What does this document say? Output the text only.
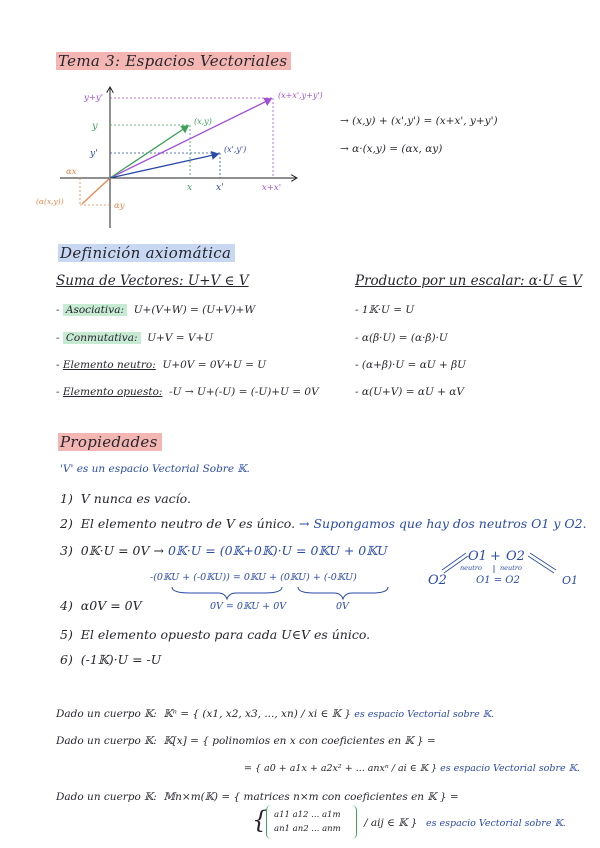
Tema 3: Espacios Vectoriales
y+y'
y
y'
αx
x	x'	x+x'
(x+x',y+y')
(x,y)
(x',y')
(α(x,y))	αy
→ (x,y) + (x',y') = (x+x', y+y')
→ α·(x,y) = (αx, αy)
Definición axiomática
Suma de Vectores: U+V ∈ V	Producto por un escalar: α·U ∈ V
- Asociativa: U+(V+W) = (U+V)+W
- Conmutativa: U+V = V+U
- Elemento neutro: U+0V = 0V+U = U
- Elemento opuesto: -U → U+(-U) = (-U)+U = 0V
- 1𝕂·U = U
- α(β·U) = (α·β)·U
- (α+β)·U = αU + βU
- α(U+V) = αU + αV
Propiedades
'V' es un espacio Vectorial Sobre 𝕂.
1) V nunca es vacío.
2) El elemento neutro de V es único. → Supongamos que hay dos neutros O1 y O2.
3) 0𝕂·U = 0V → 0𝕂·U = (0𝕂+0𝕂)·U = 0𝕂U + 0𝕂U
-(0𝕂U + (-0𝕂U)) = 0𝕂U + (0𝕂U) + (-0𝕂U)
0V = 0𝕂U + 0V	0V
O1 + O2
neutro	neutro
O1 = O2
O2	O1
4) α0V = 0V
5) El elemento opuesto para cada U∈V es único.
6) (-1𝕂)·U = -U
Dado un cuerpo 𝕂: 𝕂ⁿ = { (x1, x2, x3, ..., xn) / xi ∈ 𝕂 } es espacio Vectorial sobre 𝕂.
Dado un cuerpo 𝕂: 𝕂[x] = { polinomios en x con coeficientes en 𝕂 } =
= { a0 + a1x + a2x² + ... anxⁿ / ai ∈ 𝕂 } es espacio Vectorial sobre 𝕂.
Dado un cuerpo 𝕂: 𝕄n×m(𝕂) = { matrices n×m con coeficientes en 𝕂 } =
{ a11 a12 ... a1m
an1 an2 ... anm / aij ∈ 𝕂 } es espacio Vectorial sobre 𝕂.
